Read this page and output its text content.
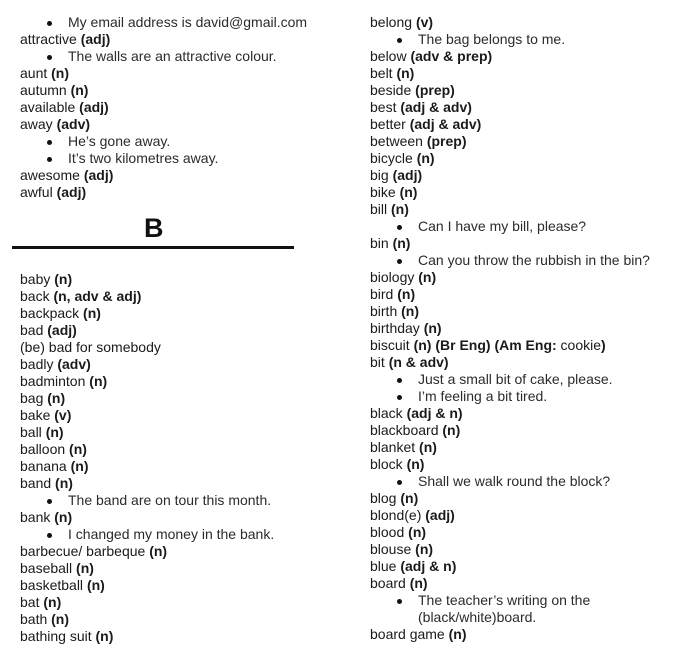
My email address is david@gmail.com
attractive (adj)
The walls are an attractive colour.
aunt (n)
autumn (n)
available (adj)
away (adv)
He’s gone away.
It’s two kilometres away.
awesome (adj)
awful (adj)
B
baby (n)
back (n, adv & adj)
backpack (n)
bad (adj)
(be) bad for somebody
badly (adv)
badminton (n)
bag (n)
bake (v)
ball (n)
balloon (n)
banana (n)
band (n)
The band are on tour this month.
bank (n)
I changed my money in the bank.
barbecue/ barbeque (n)
baseball (n)
basketball (n)
bat (n)
bath (n)
bathing suit (n)
belong (v)
The bag belongs to me.
below (adv & prep)
belt (n)
beside (prep)
best (adj & adv)
better (adj & adv)
between (prep)
bicycle (n)
big (adj)
bike (n)
bill (n)
Can I have my bill, please?
bin (n)
Can you throw the rubbish in the bin?
biology (n)
bird (n)
birth (n)
birthday (n)
biscuit (n) (Br Eng) (Am Eng: cookie)
bit (n & adv)
Just a small bit of cake, please.
I’m feeling a bit tired.
black (adj & n)
blackboard (n)
blanket (n)
block (n)
Shall we walk round the block?
blog (n)
blond(e) (adj)
blood (n)
blouse (n)
blue (adj & n)
board (n)
The teacher’s writing on the (black/white)board.
board game (n)
